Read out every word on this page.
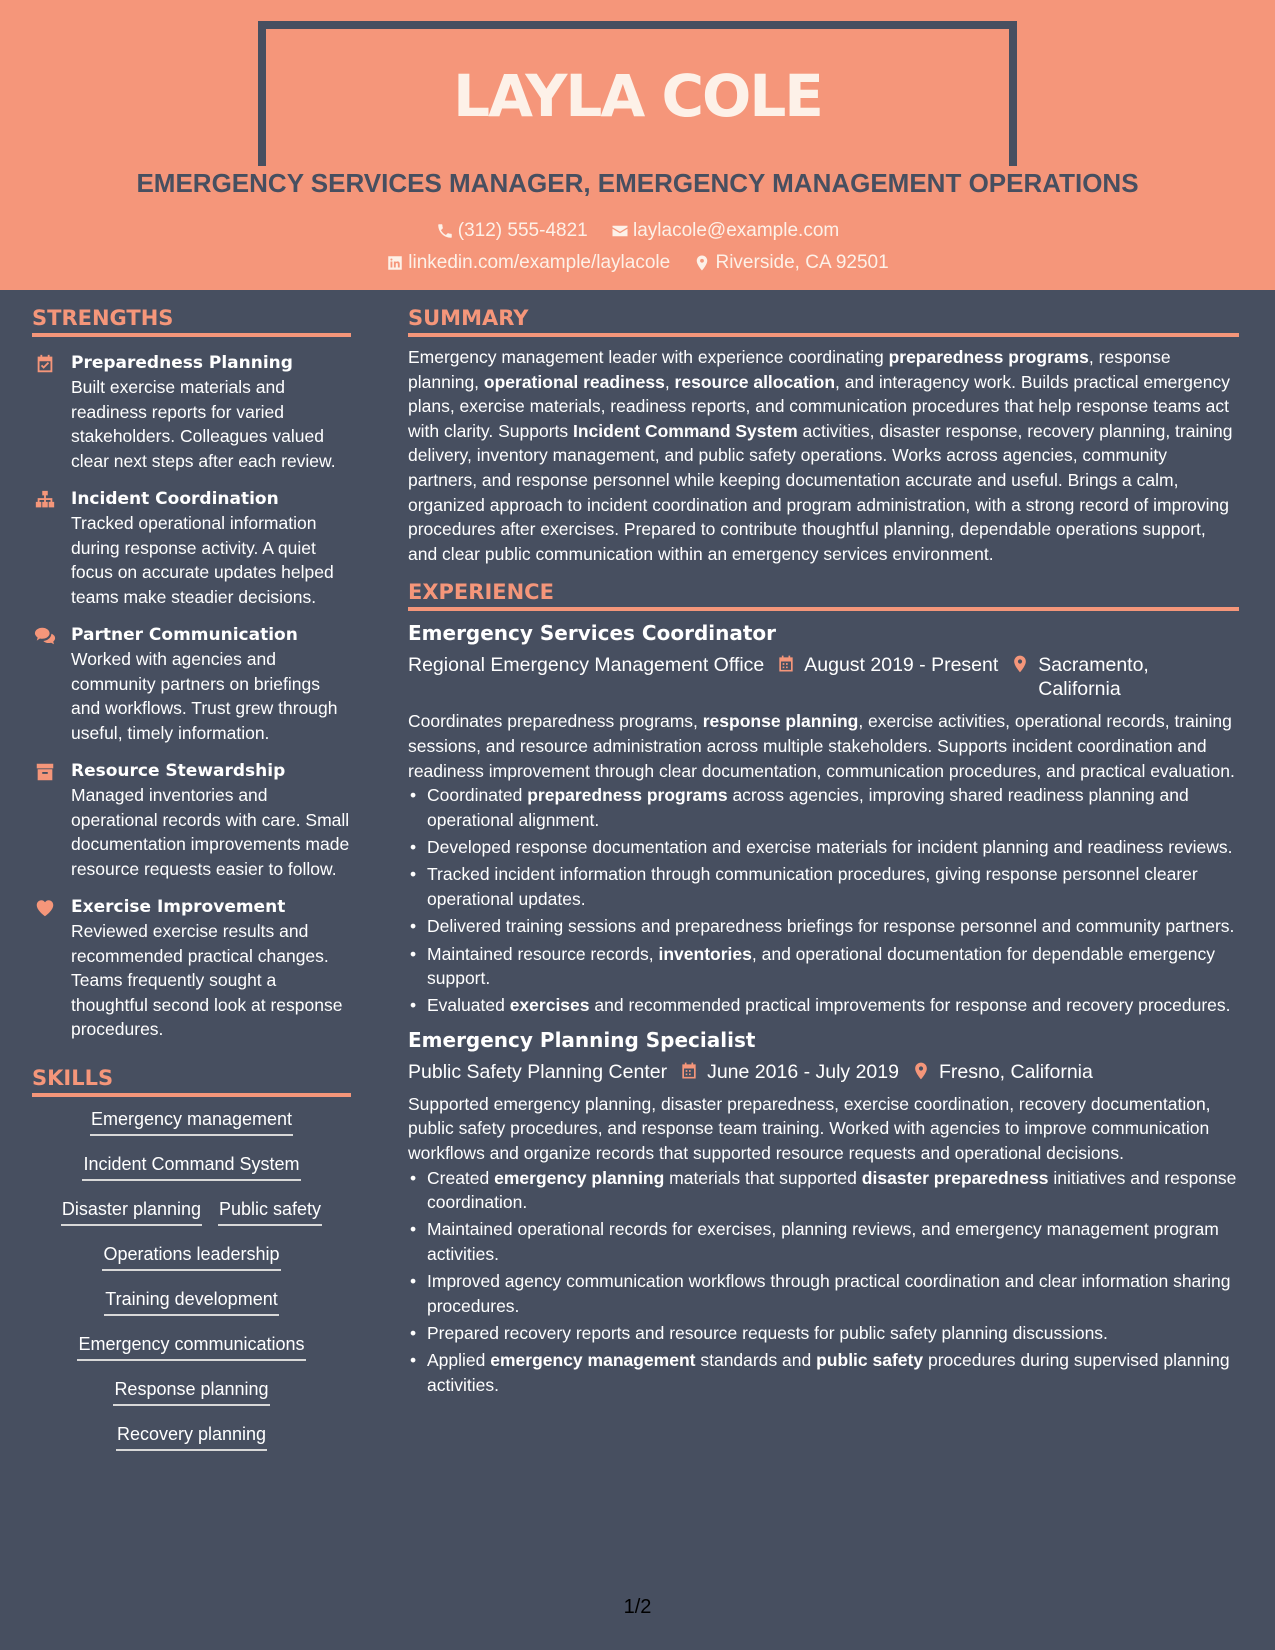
LAYLA COLE
EMERGENCY SERVICES MANAGER, EMERGENCY MANAGEMENT OPERATIONS
(312) 555-4821
laylacole@example.com
linkedin.com/example/laylacole
Riverside, CA 92501
STRENGTHS
Preparedness Planning
Built exercise materials and readiness reports for varied stakeholders. Colleagues valued clear next steps after each review.
Incident Coordination
Tracked operational information during response activity. A quiet focus on accurate updates helped teams make steadier decisions.
Partner Communication
Worked with agencies and community partners on briefings and workflows. Trust grew through useful, timely information.
Resource Stewardship
Managed inventories and operational records with care. Small documentation improvements made resource requests easier to follow.
Exercise Improvement
Reviewed exercise results and recommended practical changes. Teams frequently sought a thoughtful second look at response procedures.
SKILLS
Emergency management
Incident Command System
Disaster planning Public safety
Operations leadership
Training development
Emergency communications
Response planning
Recovery planning
SUMMARY

Emergency management leader with experience coordinating preparedness programs, response planning, operational readiness, resource allocation, and interagency work. Builds practical emergency plans, exercise materials, readiness reports, and communication procedures that help response teams act with clarity. Supports Incident Command System activities, disaster response, recovery planning, training delivery, inventory management, and public safety operations. Works across agencies, community partners, and response personnel while keeping documentation accurate and useful. Brings a calm, organized approach to incident coordination and program administration, with a strong record of improving procedures after exercises. Prepared to contribute thoughtful planning, dependable operations support, and clear public communication within an emergency services environment.

EXPERIENCE
Emergency Services Coordinator
Regional Emergency Management Office August 2019 - Present Sacramento, California

Coordinates preparedness programs, response planning, exercise activities, operational records, training sessions, and resource administration across multiple stakeholders. Supports incident coordination and readiness improvement through clear documentation, communication procedures, and practical evaluation.

• Coordinated preparedness programs across agencies, improving shared readiness planning and operational alignment.
• Developed response documentation and exercise materials for incident planning and readiness reviews.
• Tracked incident information through communication procedures, giving response personnel clearer operational updates.
• Delivered training sessions and preparedness briefings for response personnel and community partners.
• Maintained resource records, inventories, and operational documentation for dependable emergency support.
• Evaluated exercises and recommended practical improvements for response and recovery procedures.
Emergency Planning Specialist
Public Safety Planning Center June 2016 - July 2019 Fresno, California

Supported emergency planning, disaster preparedness, exercise coordination, recovery documentation, public safety procedures, and response team training. Worked with agencies to improve communication workflows and organize records that supported resource requests and operational decisions.

• Created emergency planning materials that supported disaster preparedness initiatives and response coordination.
• Maintained operational records for exercises, planning reviews, and emergency management program activities.
• Improved agency communication workflows through practical coordination and clear information sharing procedures.
• Prepared recovery reports and resource requests for public safety planning discussions.
• Applied emergency management standards and public safety procedures during supervised planning activities.
1/2
